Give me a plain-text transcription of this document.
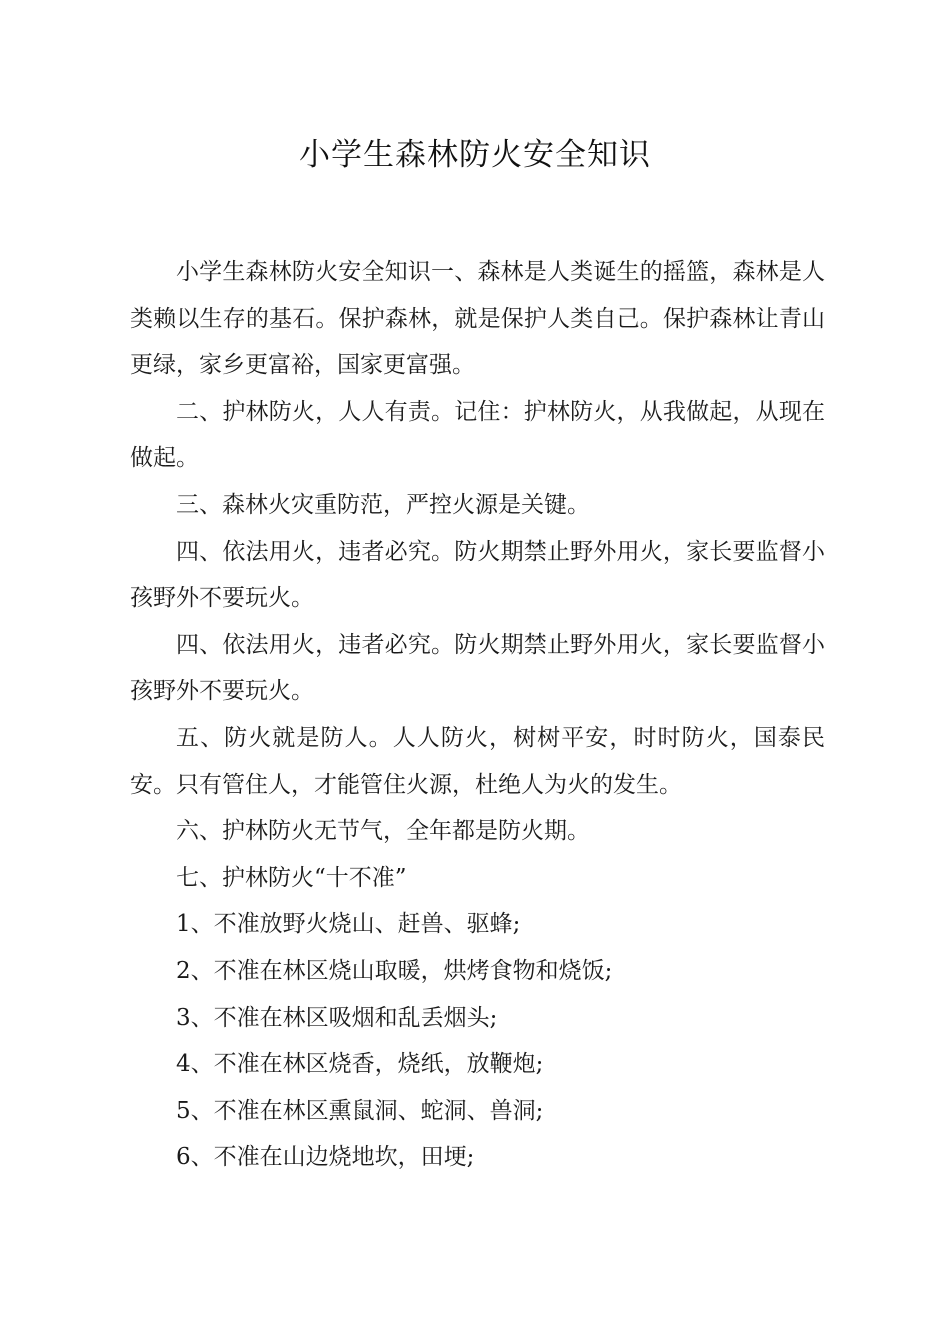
小学生森林防火安全知识

小学生森林防火安全知识一、森林是人类诞生的摇篮，森林是人类赖以生存的基石。保护森林，就是保护人类自己。保护森林让青山更绿，家乡更富裕，国家更富强。

二、护林防火，人人有责。记住：护林防火，从我做起，从现在做起。

三、森林火灾重防范，严控火源是关键。

四、依法用火，违者必究。防火期禁止野外用火，家长要监督小孩野外不要玩火。

四、依法用火，违者必究。防火期禁止野外用火，家长要监督小孩野外不要玩火。

五、防火就是防人。人人防火，树树平安，时时防火，国泰民安。只有管住人，才能管住火源，杜绝人为火的发生。

六、护林防火无节气，全年都是防火期。

七、护林防火“十不准”

1、不准放野火烧山、赶兽、驱蜂;

2、不准在林区烧山取暖，烘烤食物和烧饭;

3、不准在林区吸烟和乱丢烟头;

4、不准在林区烧香，烧纸，放鞭炮;

5、不准在林区熏鼠洞、蛇洞、兽洞;

6、不准在山边烧地坎，田埂;
